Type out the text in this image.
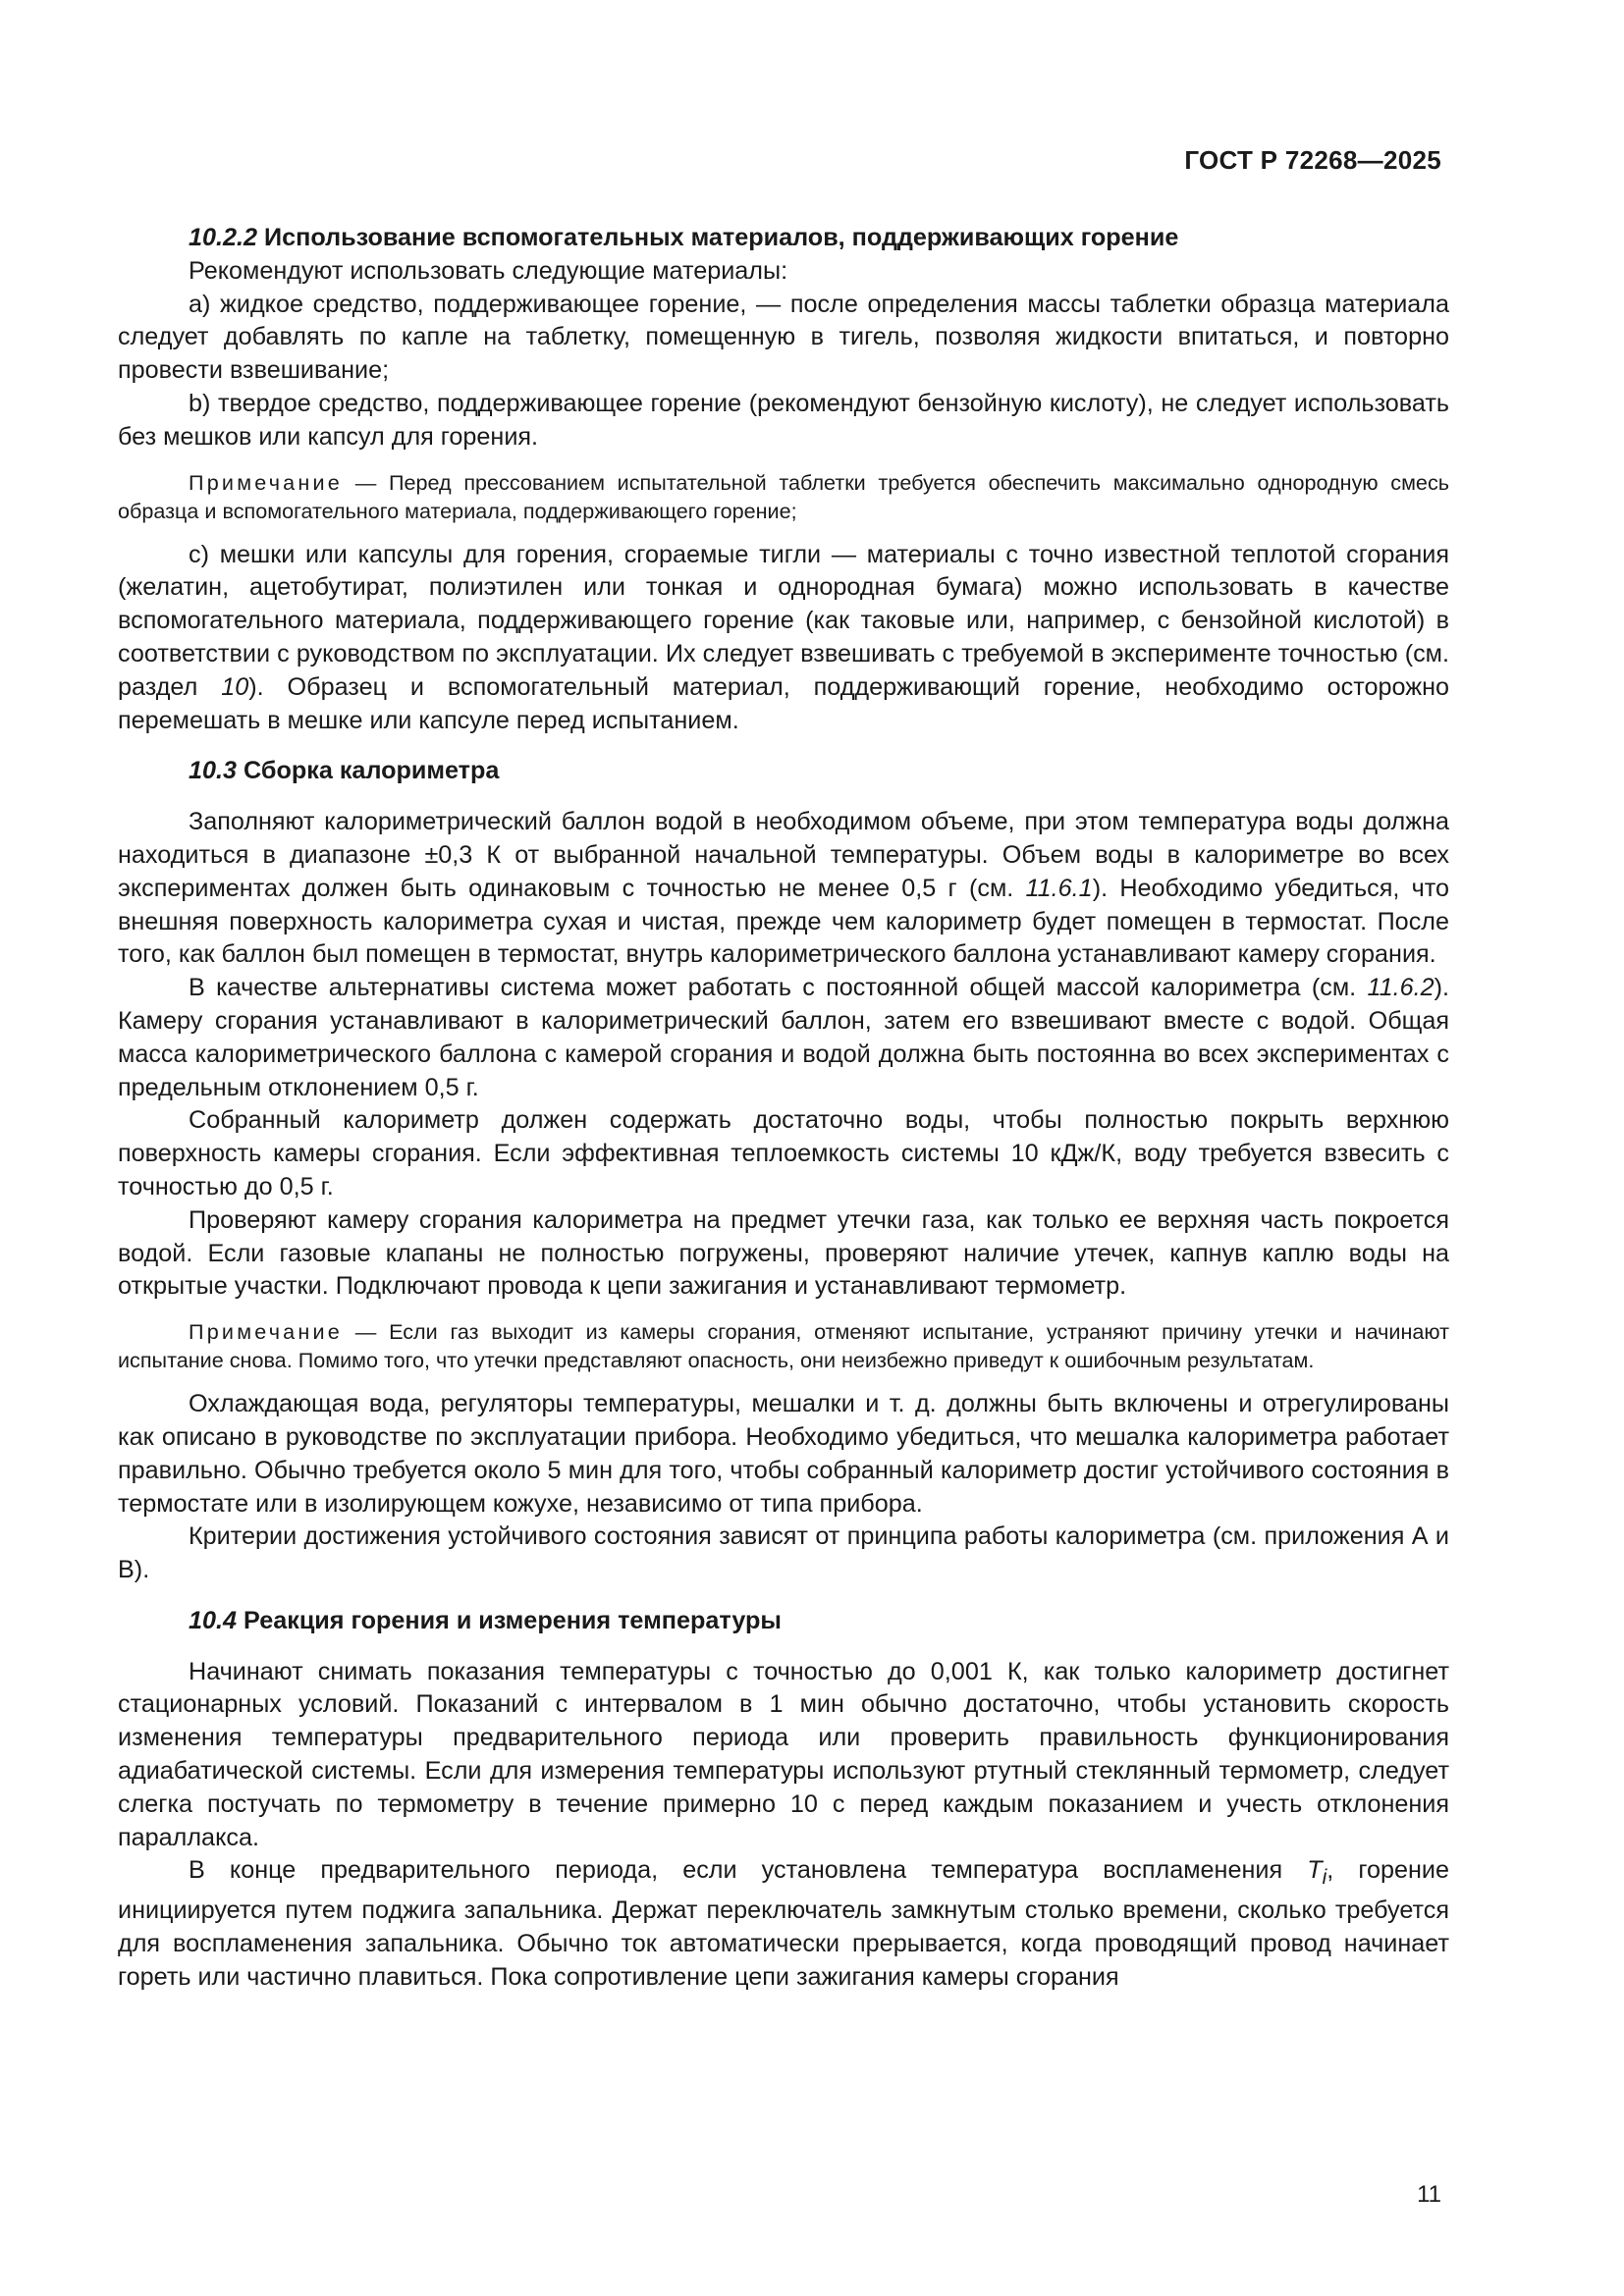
ГОСТ Р 72268—2025
10.2.2 Использование вспомогательных материалов, поддерживающих горение

Рекомендуют использовать следующие материалы:

a) жидкое средство, поддерживающее горение, — после определения массы таблетки образца материала следует добавлять по капле на таблетку, помещенную в тигель, позволяя жидкости впитаться, и повторно провести взвешивание;

b) твердое средство, поддерживающее горение (рекомендуют бензойную кислоту), не следует использовать без мешков или капсул для горения.

Примечание — Перед прессованием испытательной таблетки требуется обеспечить максимально однородную смесь образца и вспомогательного материала, поддерживающего горение;

c) мешки или капсулы для горения, сгораемые тигли — материалы с точно известной теплотой сгорания (желатин, ацетобутират, полиэтилен или тонкая и однородная бумага) можно использовать в качестве вспомогательного материала, поддерживающего горение (как таковые или, например, с бензойной кислотой) в соответствии с руководством по эксплуатации. Их следует взвешивать с требуемой в эксперименте точностью (см. раздел 10). Образец и вспомогательный материал, поддерживающий горение, необходимо осторожно перемешать в мешке или капсуле перед испытанием.

10.3 Сборка калориметра

Заполняют калориметрический баллон водой в необходимом объеме, при этом температура воды должна находиться в диапазоне ±0,3 К от выбранной начальной температуры. Объем воды в калориметре во всех экспериментах должен быть одинаковым с точностью не менее 0,5 г (см. 11.6.1). Необходимо убедиться, что внешняя поверхность калориметра сухая и чистая, прежде чем калориметр будет помещен в термостат. После того, как баллон был помещен в термостат, внутрь калориметрического баллона устанавливают камеру сгорания.

В качестве альтернативы система может работать с постоянной общей массой калориметра (см. 11.6.2). Камеру сгорания устанавливают в калориметрический баллон, затем его взвешивают вместе с водой. Общая масса калориметрического баллона с камерой сгорания и водой должна быть постоянна во всех экспериментах с предельным отклонением 0,5 г.

Собранный калориметр должен содержать достаточно воды, чтобы полностью покрыть верхнюю поверхность камеры сгорания. Если эффективная теплоемкость системы 10 кДж/К, воду требуется взвесить с точностью до 0,5 г.

Проверяют камеру сгорания калориметра на предмет утечки газа, как только ее верхняя часть покроется водой. Если газовые клапаны не полностью погружены, проверяют наличие утечек, капнув каплю воды на открытые участки. Подключают провода к цепи зажигания и устанавливают термометр.

Примечание — Если газ выходит из камеры сгорания, отменяют испытание, устраняют причину утечки и начинают испытание снова. Помимо того, что утечки представляют опасность, они неизбежно приведут к ошибочным результатам.

Охлаждающая вода, регуляторы температуры, мешалки и т. д. должны быть включены и отрегулированы как описано в руководстве по эксплуатации прибора. Необходимо убедиться, что мешалка калориметра работает правильно. Обычно требуется около 5 мин для того, чтобы собранный калориметр достиг устойчивого состояния в термостате или в изолирующем кожухе, независимо от типа прибора.

Критерии достижения устойчивого состояния зависят от принципа работы калориметра (см. приложения А и В).

10.4 Реакция горения и измерения температуры

Начинают снимать показания температуры с точностью до 0,001 К, как только калориметр достигнет стационарных условий. Показаний с интервалом в 1 мин обычно достаточно, чтобы установить скорость изменения температуры предварительного периода или проверить правильность функционирования адиабатической системы. Если для измерения температуры используют ртутный стеклянный термометр, следует слегка постучать по термометру в течение примерно 10 с перед каждым показанием и учесть отклонения параллакса.

В конце предварительного периода, если установлена температура воспламенения $T_i$, горение инициируется путем поджига запальника. Держат переключатель замкнутым столько времени, сколько требуется для воспламенения запальника. Обычно ток автоматически прерывается, когда проводящий провод начинает гореть или частично плавиться. Пока сопротивление цепи зажигания камеры сгорания

11
